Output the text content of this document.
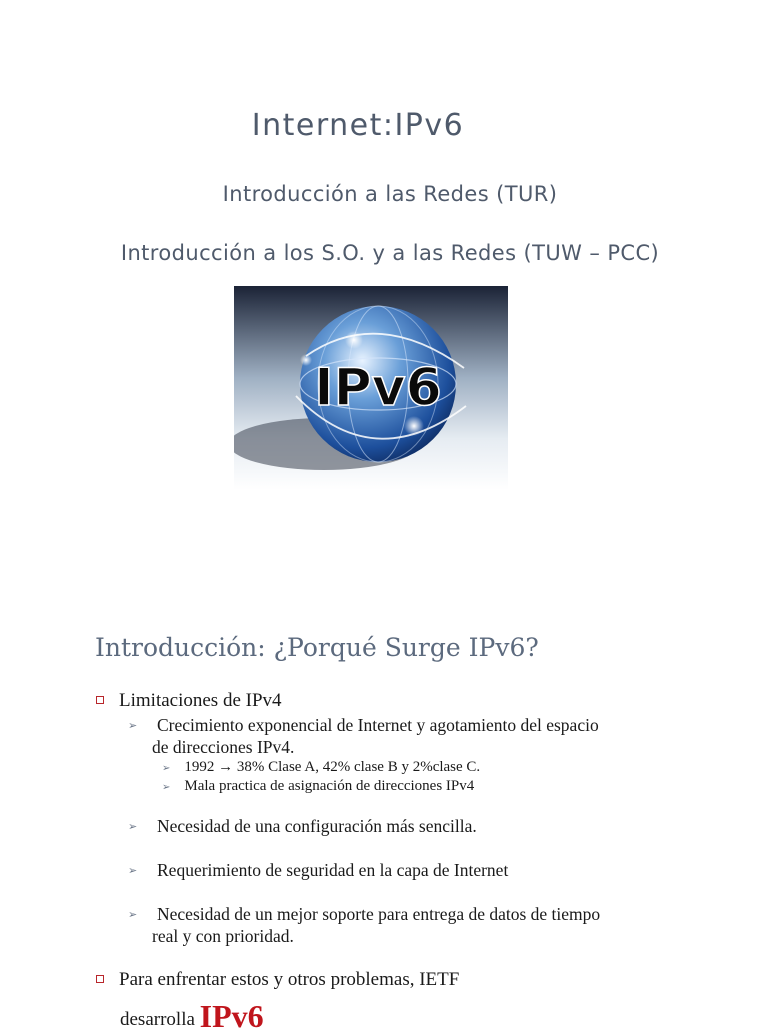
Internet:IPv6
Introducción a las Redes (TUR)
Introducción a los S.O. y a las Redes (TUW – PCC)
IPv6
Introducción: ¿Porqué Surge IPv6?
Limitaciones de IPv4
➢	Crecimiento exponencial de Internet y agotamiento del espacio de direcciones IPv4.
➢ 1992 → 38% Clase A, 42% clase B y 2%clase C.
➢ Mala practica de asignación de direcciones IPv4
➢	Necesidad de una configuración más sencilla.
➢	Requerimiento de seguridad en la capa de Internet
➢	Necesidad de un mejor soporte para entrega de datos de tiempo real y con prioridad.
Para enfrentar estos y otros problemas, IETF
desarrolla IPv6
